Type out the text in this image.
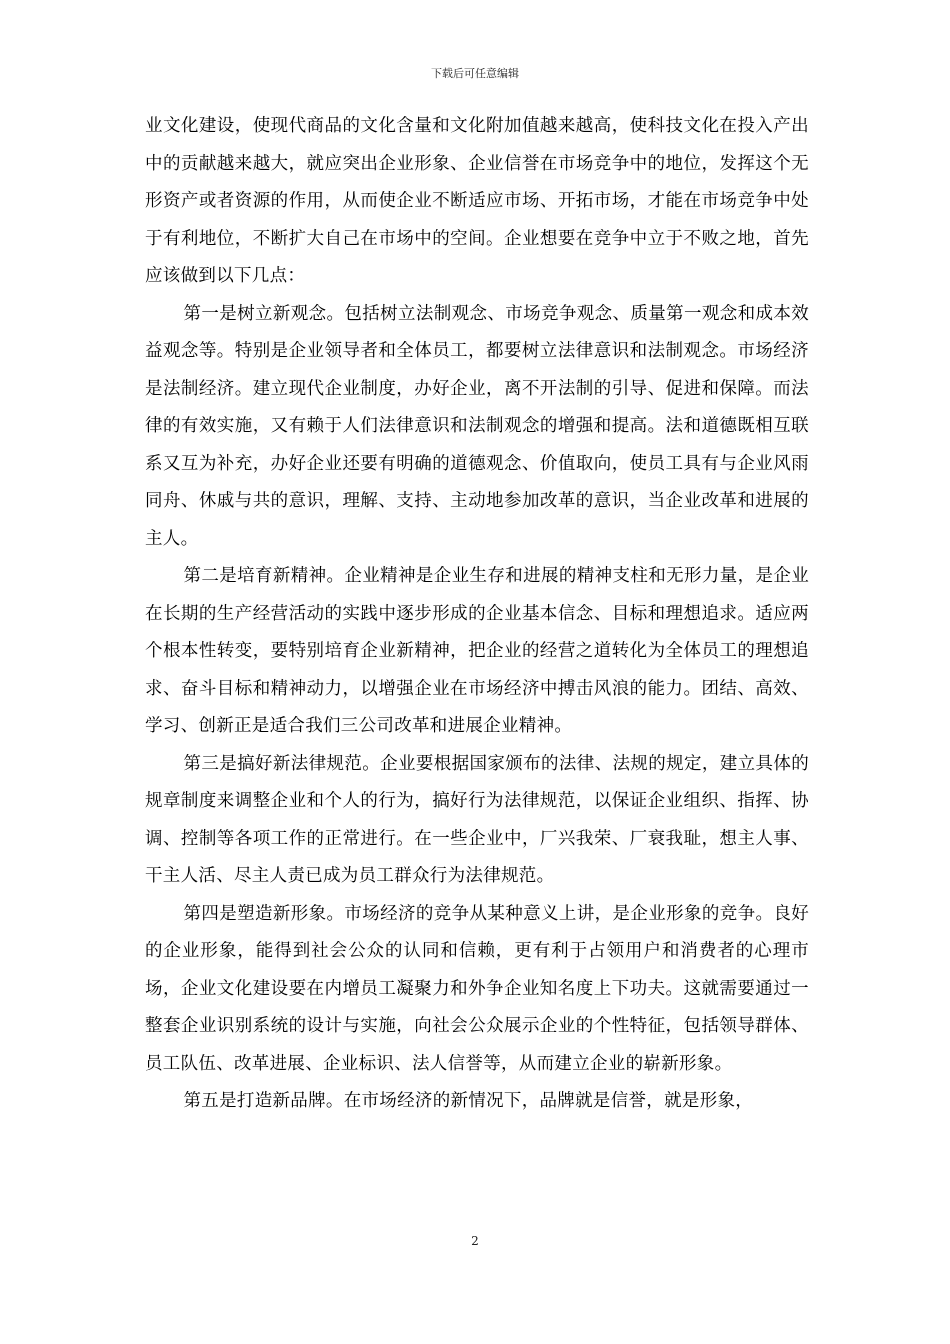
下载后可任意编辑

业文化建设，使现代商品的文化含量和文化附加值越来越高，使科技文化在投入产出中的贡献越来越大，就应突出企业形象、企业信誉在市场竞争中的地位，发挥这个无形资产或者资源的作用，从而使企业不断适应市场、开拓市场，才能在市场竞争中处于有利地位，不断扩大自己在市场中的空间。企业想要在竞争中立于不败之地，首先应该做到以下几点：

第一是树立新观念。包括树立法制观念、市场竞争观念、质量第一观念和成本效益观念等。特别是企业领导者和全体员工，都要树立法律意识和法制观念。市场经济是法制经济。建立现代企业制度，办好企业，离不开法制的引导、促进和保障。而法律的有效实施，又有赖于人们法律意识和法制观念的增强和提高。法和道德既相互联系又互为补充，办好企业还要有明确的道德观念、价值取向，使员工具有与企业风雨同舟、休戚与共的意识，理解、支持、主动地参加改革的意识，当企业改革和进展的主人。

第二是培育新精神。企业精神是企业生存和进展的精神支柱和无形力量，是企业在长期的生产经营活动的实践中逐步形成的企业基本信念、目标和理想追求。适应两个根本性转变，要特别培育企业新精神，把企业的经营之道转化为全体员工的理想追求、奋斗目标和精神动力，以增强企业在市场经济中搏击风浪的能力。团结、高效、学习、创新正是适合我们三公司改革和进展企业精神。

第三是搞好新法律规范。企业要根据国家颁布的法律、法规的规定，建立具体的规章制度来调整企业和个人的行为，搞好行为法律规范，以保证企业组织、指挥、协调、控制等各项工作的正常进行。在一些企业中，厂兴我荣、厂衰我耻，想主人事、干主人活、尽主人责已成为员工群众行为法律规范。

第四是塑造新形象。市场经济的竞争从某种意义上讲，是企业形象的竞争。良好的企业形象，能得到社会公众的认同和信赖，更有利于占领用户和消费者的心理市场，企业文化建设要在内增员工凝聚力和外争企业知名度上下功夫。这就需要通过一整套企业识别系统的设计与实施，向社会公众展示企业的个性特征，包括领导群体、员工队伍、改革进展、企业标识、法人信誉等，从而建立企业的崭新形象。

第五是打造新品牌。在市场经济的新情况下，品牌就是信誉，就是形象，

2
